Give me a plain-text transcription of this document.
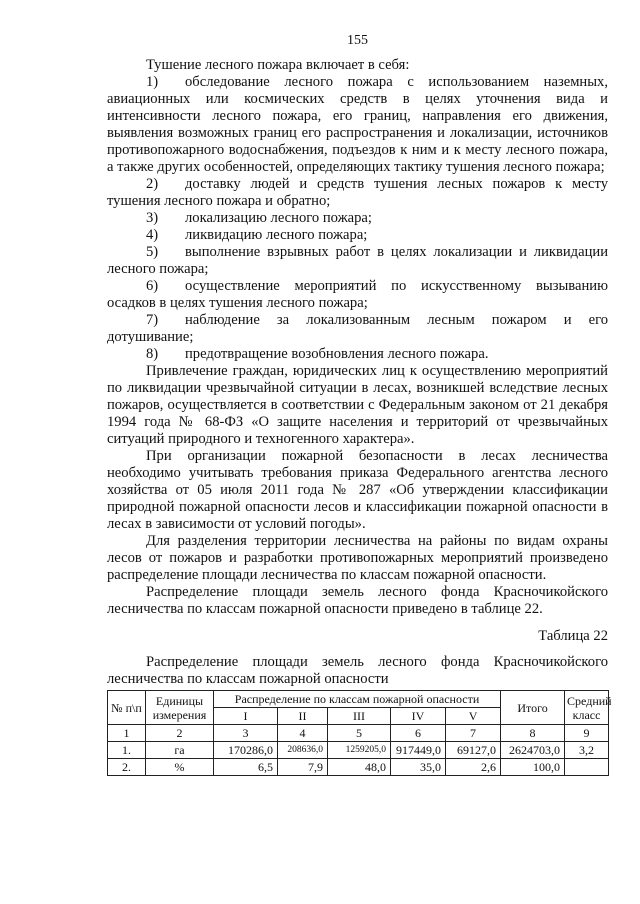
155

Тушение лесного пожара включает в себя:

1) обследование лесного пожара с использованием наземных, авиационных или космических средств в целях уточнения вида и интенсивности лесного пожара, его границ, направления его движения, выявления возможных границ его распространения и локализации, источников противопожарного водоснабжения, подъездов к ним и к месту лесного пожара, а также других особенностей, определяющих тактику тушения лесного пожара;

2) доставку людей и средств тушения лесных пожаров к месту тушения лесного пожара и обратно;

3) локализацию лесного пожара;

4) ликвидацию лесного пожара;

5) выполнение взрывных работ в целях локализации и ликвидации лесного пожара;

6) осуществление мероприятий по искусственному вызыванию осадков в целях тушения лесного пожара;

7) наблюдение за локализованным лесным пожаром и его дотушивание;

8) предотвращение возобновления лесного пожара.

Привлечение граждан, юридических лиц к осуществлению мероприятий по ликвидации чрезвычайной ситуации в лесах, возникшей вследствие лесных пожаров, осуществляется в соответствии с Федеральным законом от 21 декабря 1994 года № 68-ФЗ «О защите населения и территорий от чрезвычайных ситуаций природного и техногенного характера».

При организации пожарной безопасности в лесах лесничества необходимо учитывать требования приказа Федерального агентства лесного хозяйства от 05 июля 2011 года № 287 «Об утверждении классификации природной пожарной опасности лесов и классификации пожарной опасности в лесах в зависимости от условий погоды».

Для разделения территории лесничества на районы по видам охраны лесов от пожаров и разработки противопожарных мероприятий произведено распределение площади лесничества по классам пожарной опасности.

Распределение площади земель лесного фонда Красночикойского лесничества по классам пожарной опасности приведено в таблице 22.

Таблица 22

Распределение площади земель лесного фонда Красночикойского лесничества по классам пожарной опасности

№ п\п	Единицы измерения	Распределение по классам пожарной опасности					Итого	Средний класс
		I	II	III	IV	V		
1	2	3	4	5	6	7	8	9
1.	га	170286,0	208636,0	1259205,0	917449,0	69127,0	2624703,0	3,2
2.	%	6,5	7,9	48,0	35,0	2,6	100,0	
